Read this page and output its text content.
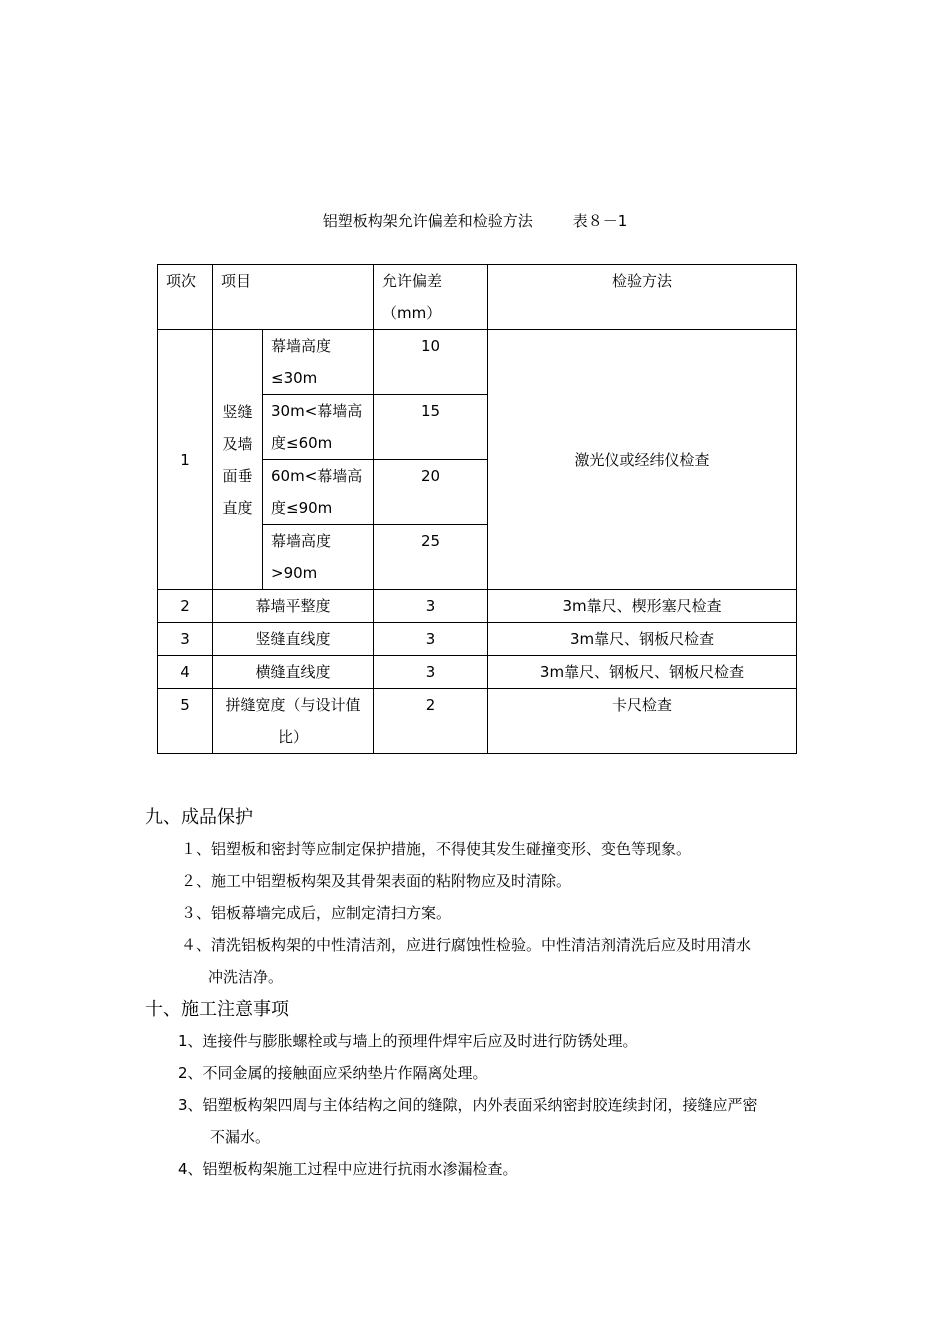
铝塑板构架允许偏差和检验方法	表８－1
项次	项目		允许偏差（mm）	检验方法
1	竖缝及墙面垂直度	幕墙高度≤30m	10	激光仪或经纬仪检查
		30m<幕墙高度≤60m	15	
		60m<幕墙高度≤90m	20	
		幕墙高度>90m	25	
2	幕墙平整度		3	3m靠尺、楔形塞尺检查
3	竖缝直线度		3	3m靠尺、钢板尺检查
4	横缝直线度		3	3m靠尺、钢板尺、钢板尺检查
5	拼缝宽度（与设计值比）		2	卡尺检查
九、成品保护
１、铝塑板和密封等应制定保护措施，不得使其发生碰撞变形、变色等现象。
２、施工中铝塑板构架及其骨架表面的粘附物应及时清除。
３、铝板幕墙完成后，应制定清扫方案。
４、清洗铝板构架的中性清洁剂，应进行腐蚀性检验。中性清洁剂清洗后应及时用清水
冲洗洁净。
十、施工注意事项
1、连接件与膨胀螺栓或与墙上的预埋件焊牢后应及时进行防锈处理。
2、不同金属的接触面应采纳垫片作隔离处理。
3、铝塑板构架四周与主体结构之间的缝隙，内外表面采纳密封胶连续封闭，接缝应严密
不漏水。
4、铝塑板构架施工过程中应进行抗雨水渗漏检查。
